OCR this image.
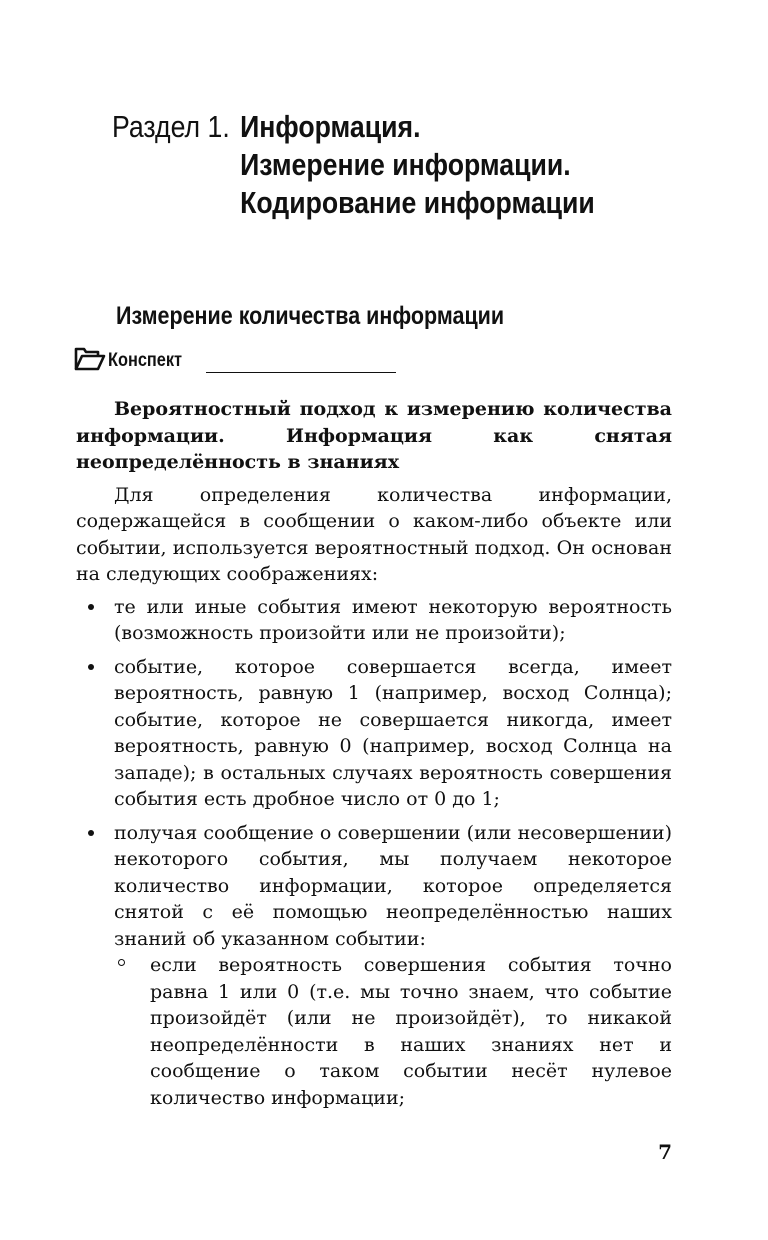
Раздел 1. Информация.
Измерение информации.
Кодирование информации
Измерение количества информации
Конспект

Вероятностный подход к измерению количества информации. Информация как снятая неопределённость в знаниях

Для определения количества информации, содержащейся в сообщении о каком-либо объекте или событии, используется вероятностный подход. Он основан на следующих соображениях:

те или иные события имеют некоторую вероятность (возможность произойти или не произойти);
событие, которое совершается всегда, имеет вероятность, равную 1 (например, восход Солнца); событие, которое не совершается никогда, имеет вероятность, равную 0 (например, восход Солнца на западе); в остальных случаях вероятность совершения события есть дробное число от 0 до 1;
получая сообщение о совершении (или несовершении) некоторого события, мы получаем некоторое количество информации, которое определяется снятой с её помощью неопределённостью наших знаний об указанном событии:
если вероятность совершения события точно равна 1 или 0 (т.е. мы точно знаем, что событие произойдёт (или не произойдёт), то никакой неопределённости в наших знаниях нет и сообщение о таком событии несёт нулевое количество информации;
7
